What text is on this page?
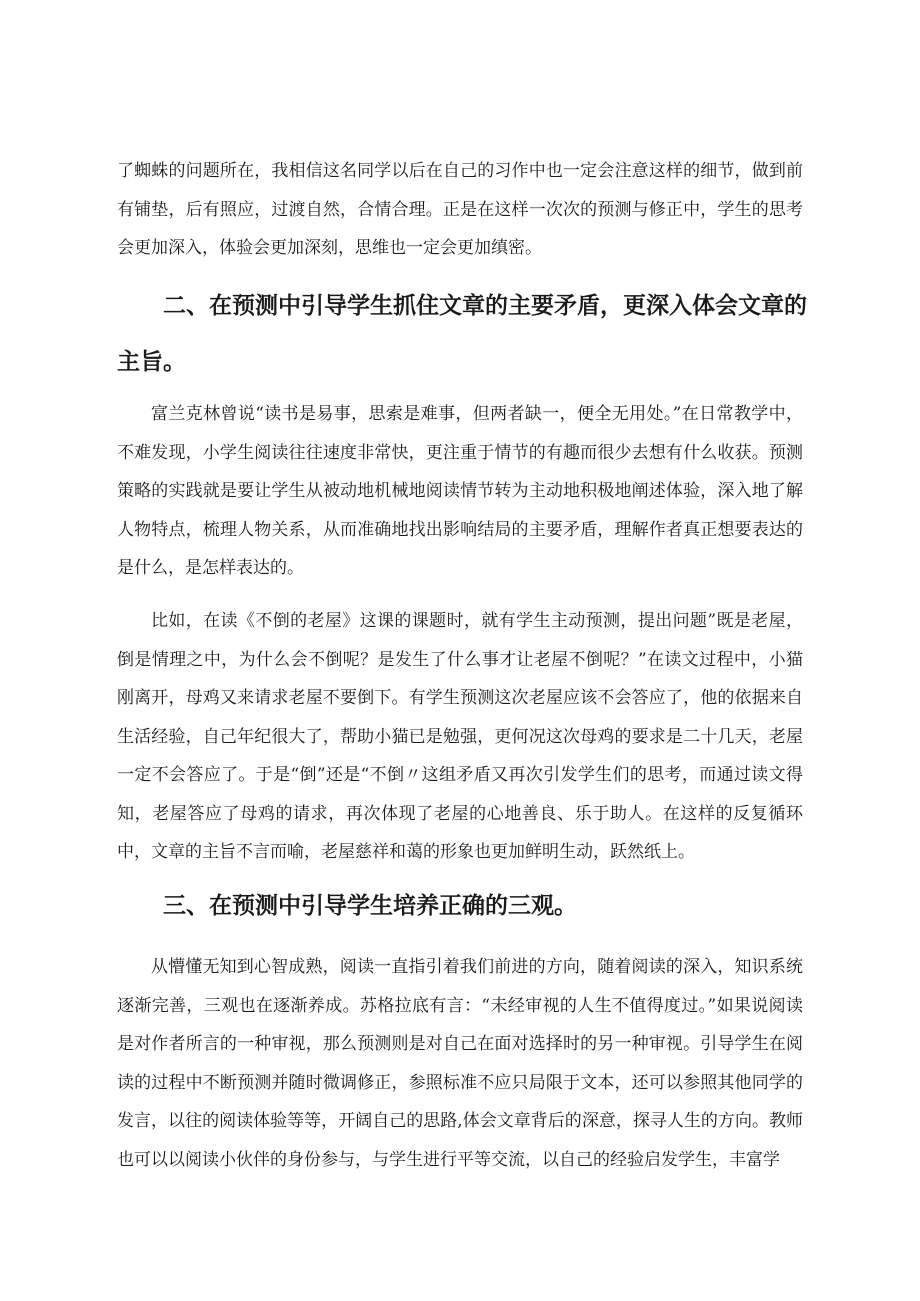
了蜘蛛的问题所在，我相信这名同学以后在自己的习作中也一定会注意这样的细节，做到前有铺垫，后有照应，过渡自然，合情合理。正是在这样一次次的预测与修正中，学生的思考会更加深入，体验会更加深刻，思维也一定会更加缜密。

二、在预测中引导学生抓住文章的主要矛盾，更深入体会文章的主旨。

富兰克林曾说“读书是易事，思索是难事，但两者缺一，便全无用处。”在日常教学中，不难发现，小学生阅读往往速度非常快，更注重于情节的有趣而很少去想有什么收获。预测策略的实践就是要让学生从被动地机械地阅读情节转为主动地积极地阐述体验，深入地了解人物特点，梳理人物关系，从而准确地找出影响结局的主要矛盾，理解作者真正想要表达的是什么，是怎样表达的。

比如，在读《不倒的老屋》这课的课题时，就有学生主动预测，提出问题”既是老屋，倒是情理之中，为什么会不倒呢？是发生了什么事才让老屋不倒呢？”在读文过程中，小猫刚离开，母鸡又来请求老屋不要倒下。有学生预测这次老屋应该不会答应了，他的依据来自生活经验，自己年纪很大了，帮助小猫已是勉强，更何况这次母鸡的要求是二十几天，老屋一定不会答应了。于是“倒”还是“不倒〃这组矛盾又再次引发学生们的思考，而通过读文得知，老屋答应了母鸡的请求，再次体现了老屋的心地善良、乐于助人。在这样的反复循环中，文章的主旨不言而喻，老屋慈祥和蔼的形象也更加鲜明生动，跃然纸上。

三、在预测中引导学生培养正确的三观。

从懵懂无知到心智成熟，阅读一直指引着我们前进的方向，随着阅读的深入，知识系统逐渐完善，三观也在逐渐养成。苏格拉底有言：“未经审视的人生不值得度过。”如果说阅读是对作者所言的一种审视，那么预测则是对自己在面对选择时的另一种审视。引导学生在阅读的过程中不断预测并随时微调修正，参照标准不应只局限于文本，还可以参照其他同学的发言，以往的阅读体验等等，开阔自己的思路,体会文章背后的深意，探寻人生的方向。教师也可以以阅读小伙伴的身份参与，与学生进行平等交流，以自己的经验启发学生，丰富学
